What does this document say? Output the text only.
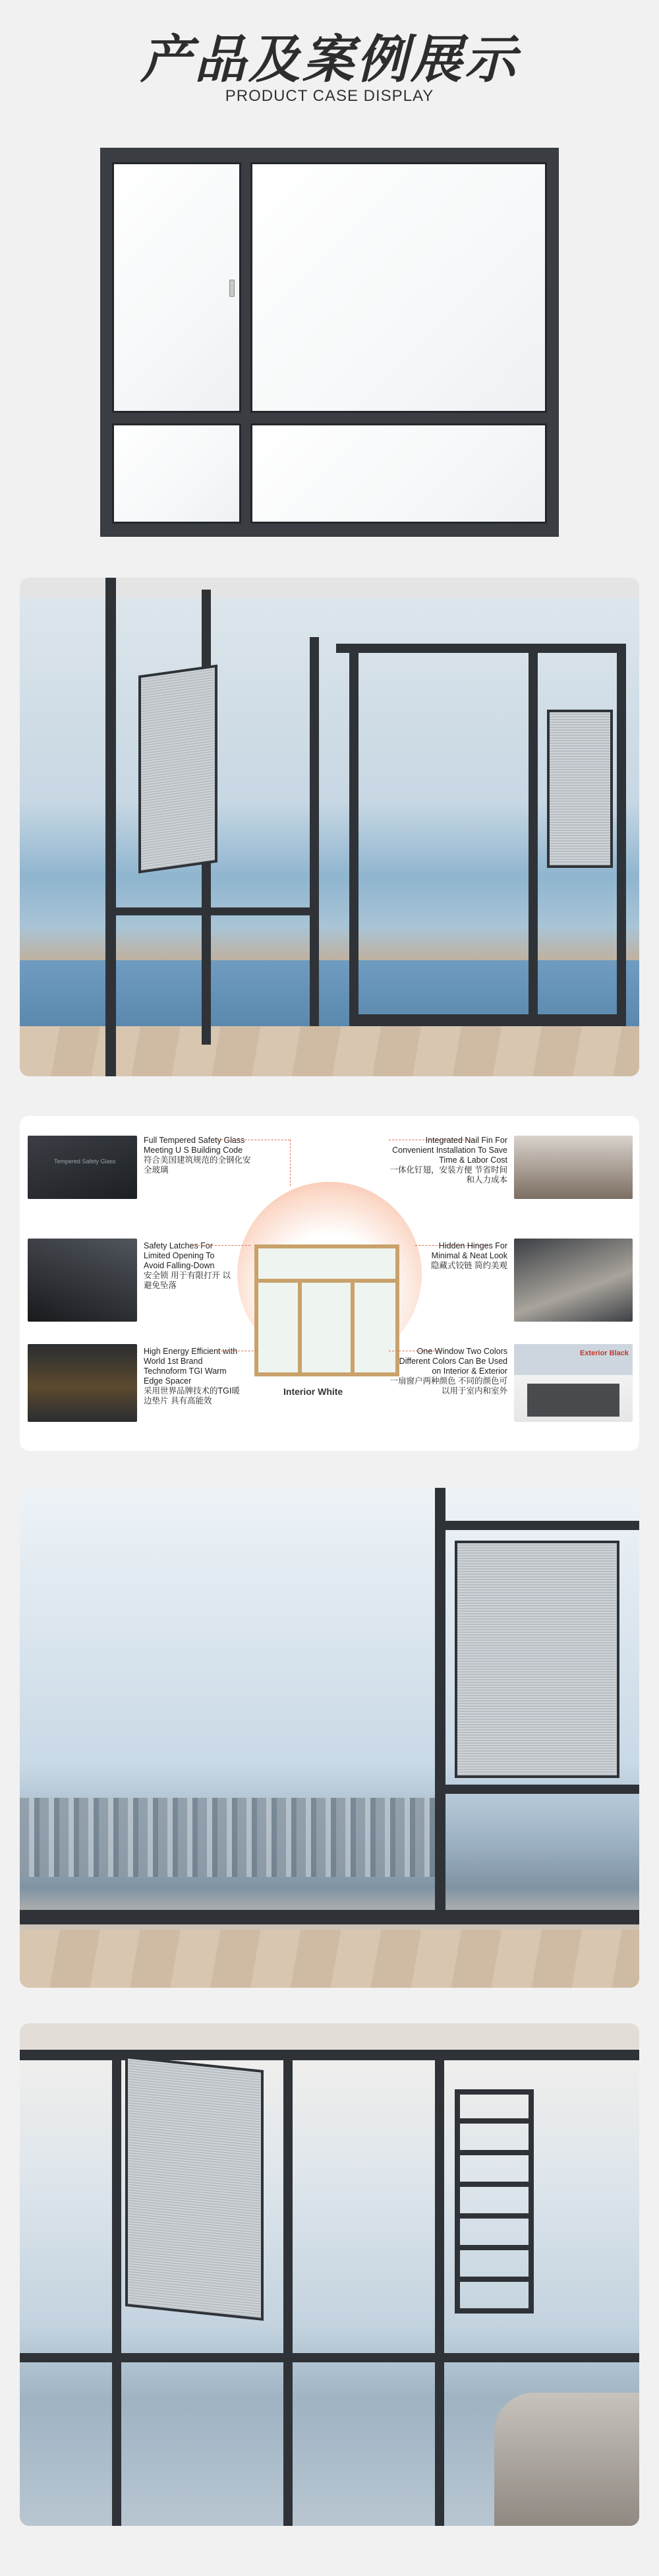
产品及案例展示
PRODUCT CASE DISPLAY
Tempered Safety Glass
Full Tempered Safety Glass Meeting U S Building Code
符合美国建筑规范的全钢化安全玻璃
Safety Latches For Limited Opening To Avoid Falling-Down
安全锁 用于有限打开 以避免坠落
High Energy Efficient with World 1st Brand Technoform TGI Warm Edge Spacer
采用世界品牌技术的TGI暖边垫片 具有高能效
Interior White
Integrated Nail Fin For Convenient Installation To Save Time & Labor Cost
一体化钉翅，安装方便 节省时间和人力成本
Hidden Hinges For Minimal & Neat Look
隐藏式铰链 简约美观
One Window Two Colors Different Colors Can Be Used on Interior & Exterior
一扇窗户两种颜色 不同的颜色可以用于室内和室外
Exterior Black
